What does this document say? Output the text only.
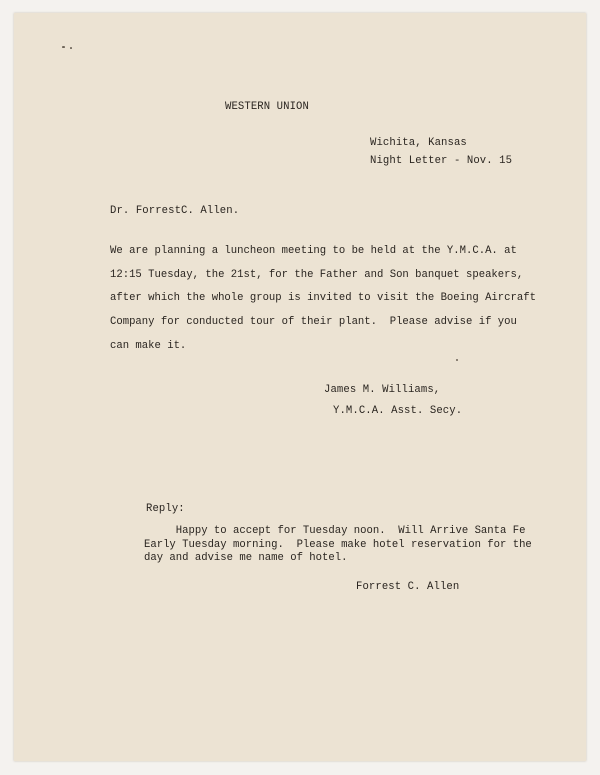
WESTERN UNION
Wichita, Kansas
Night Letter - Nov. 15
Dr. ForrestC. Allen.
We are planning a luncheon meeting to be held at the Y.M.C.A. at
12:15 Tuesday, the 21st, for the Father and Son banquet speakers,
after which the whole group is invited to visit the Boeing Aircraft
Company for conducted tour of their plant.  Please advise if you
can make it.
James M. Williams,
Y.M.C.A. Asst. Secy.
Reply:
Happy to accept for Tuesday noon.  Will Arrive Santa Fe
Early Tuesday morning.  Please make hotel reservation for the
day and advise me name of hotel.
Forrest C. Allen
